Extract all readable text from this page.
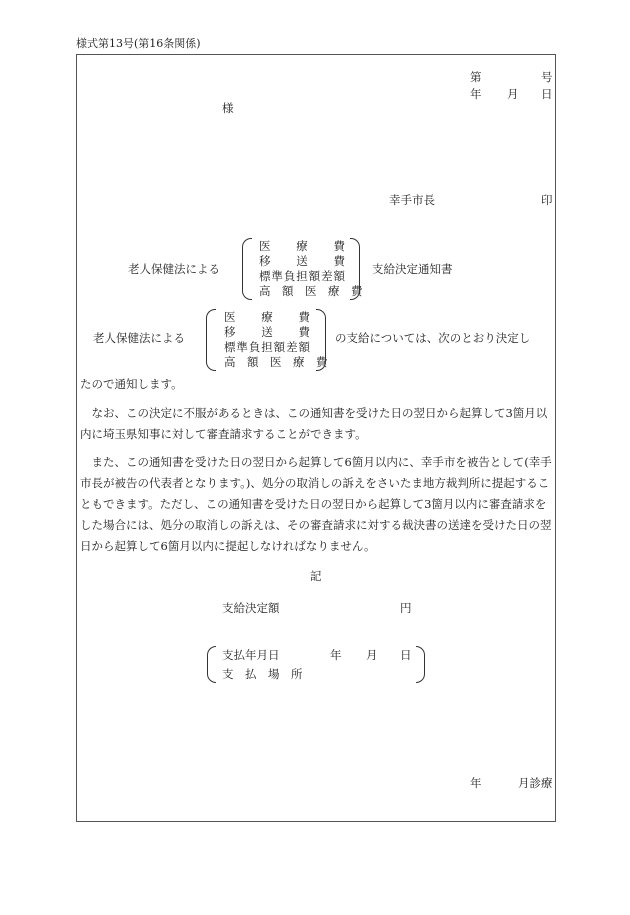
様式第13号(第16条関係)
第	号
年 月 日
様
幸手市長	印
老人保健法による
医　療　費
移　送　費
標準負担額差額
高　額　医　療　費
支給決定通知書
老人保健法による
医　療　費
移　送　費
標準負担額差額
高　額　医　療　費
の支給については、次のとおり決定し
たので通知します。

なお、この決定に不服があるときは、この通知書を受けた日の翌日から起算して3箇月以内に埼玉県知事に対して審査請求することができます。

また、この通知書を受けた日の翌日から起算して6箇月以内に、幸手市を被告として(幸手市長が被告の代表者となります。)、処分の取消しの訴えをさいたま地方裁判所に提起することもできます。ただし、この通知書を受けた日の翌日から起算して3箇月以内に審査請求をした場合には、処分の取消しの訴えは、その審査請求に対する裁決書の送達を受けた日の翌日から起算して6箇月以内に提起しなければなりません。

記
支給決定額	円
支払年月日	年 月 日
支　払　場　所
年	月診療
